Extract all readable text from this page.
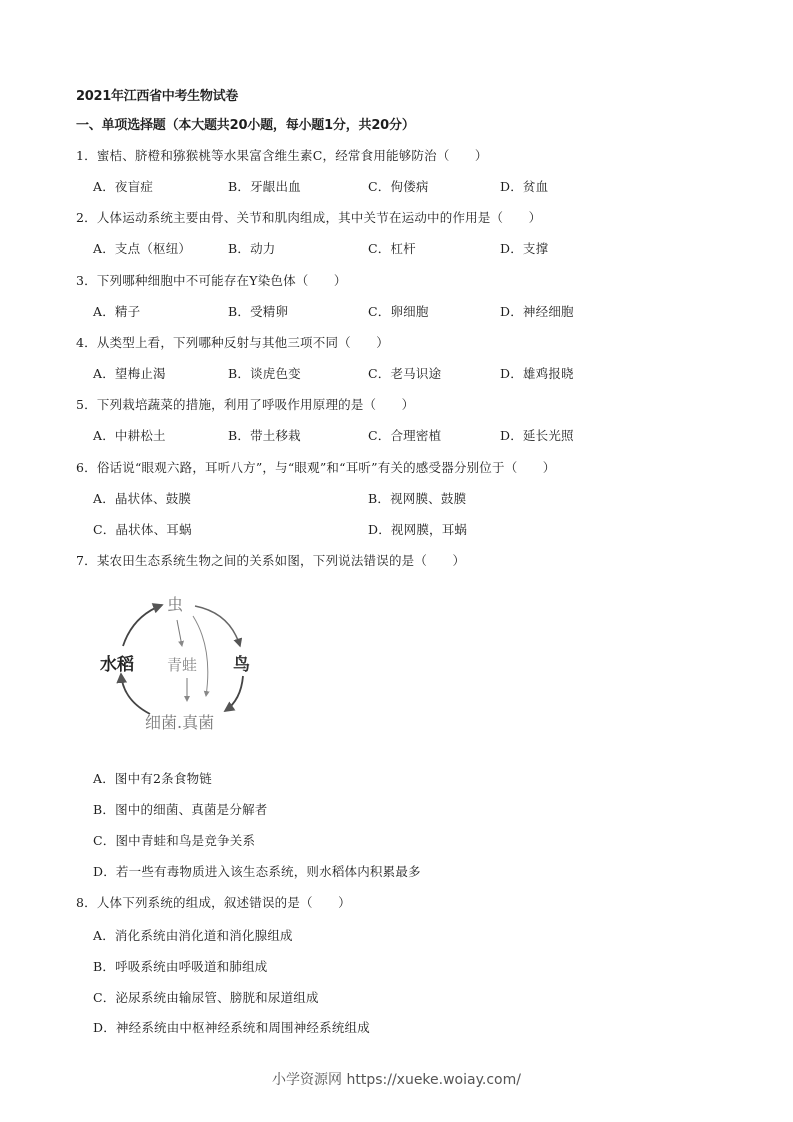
2021年江西省中考生物试卷
一、单项选择题（本大题共20小题，每小题1分，共20分）
1．蜜桔、脐橙和猕猴桃等水果富含维生素C，经常食用能够防治（　　）
A．夜盲症	B．牙龈出血	C．佝偻病	D．贫血
2．人体运动系统主要由骨、关节和肌肉组成，其中关节在运动中的作用是（　　）
A．支点（枢纽）	B．动力	C．杠杆	D．支撑
3．下列哪种细胞中不可能存在Y染色体（　　）
A．精子	B．受精卵	C．卵细胞	D．神经细胞
4．从类型上看，下列哪种反射与其他三项不同（　　）
A．望梅止渴	B．谈虎色变	C．老马识途	D．雄鸡报晓
5．下列栽培蔬菜的措施，利用了呼吸作用原理的是（　　）
A．中耕松土	B．带土移栽	C．合理密植	D．延长光照
6．俗话说“眼观六路，耳听八方”，与“眼观”和“耳听”有关的感受器分别位于（　　）
A．晶状体、鼓膜	B．视网膜、鼓膜
C．晶状体、耳蜗	D．视网膜，耳蜗
7．某农田生态系统生物之间的关系如图，下列说法错误的是（　　）
虫
水稻 青蛙 鸟
细菌.真菌
A．图中有2条食物链
B．图中的细菌、真菌是分解者
C．图中青蛙和鸟是竞争关系
D．若一些有毒物质进入该生态系统，则水稻体内积累最多
8．人体下列系统的组成，叙述错误的是（　　）
A．消化系统由消化道和消化腺组成
B．呼吸系统由呼吸道和肺组成
C．泌尿系统由输尿管、膀胱和尿道组成
D．神经系统由中枢神经系统和周围神经系统组成
小学资源网 https://xueke.woiay.com/
